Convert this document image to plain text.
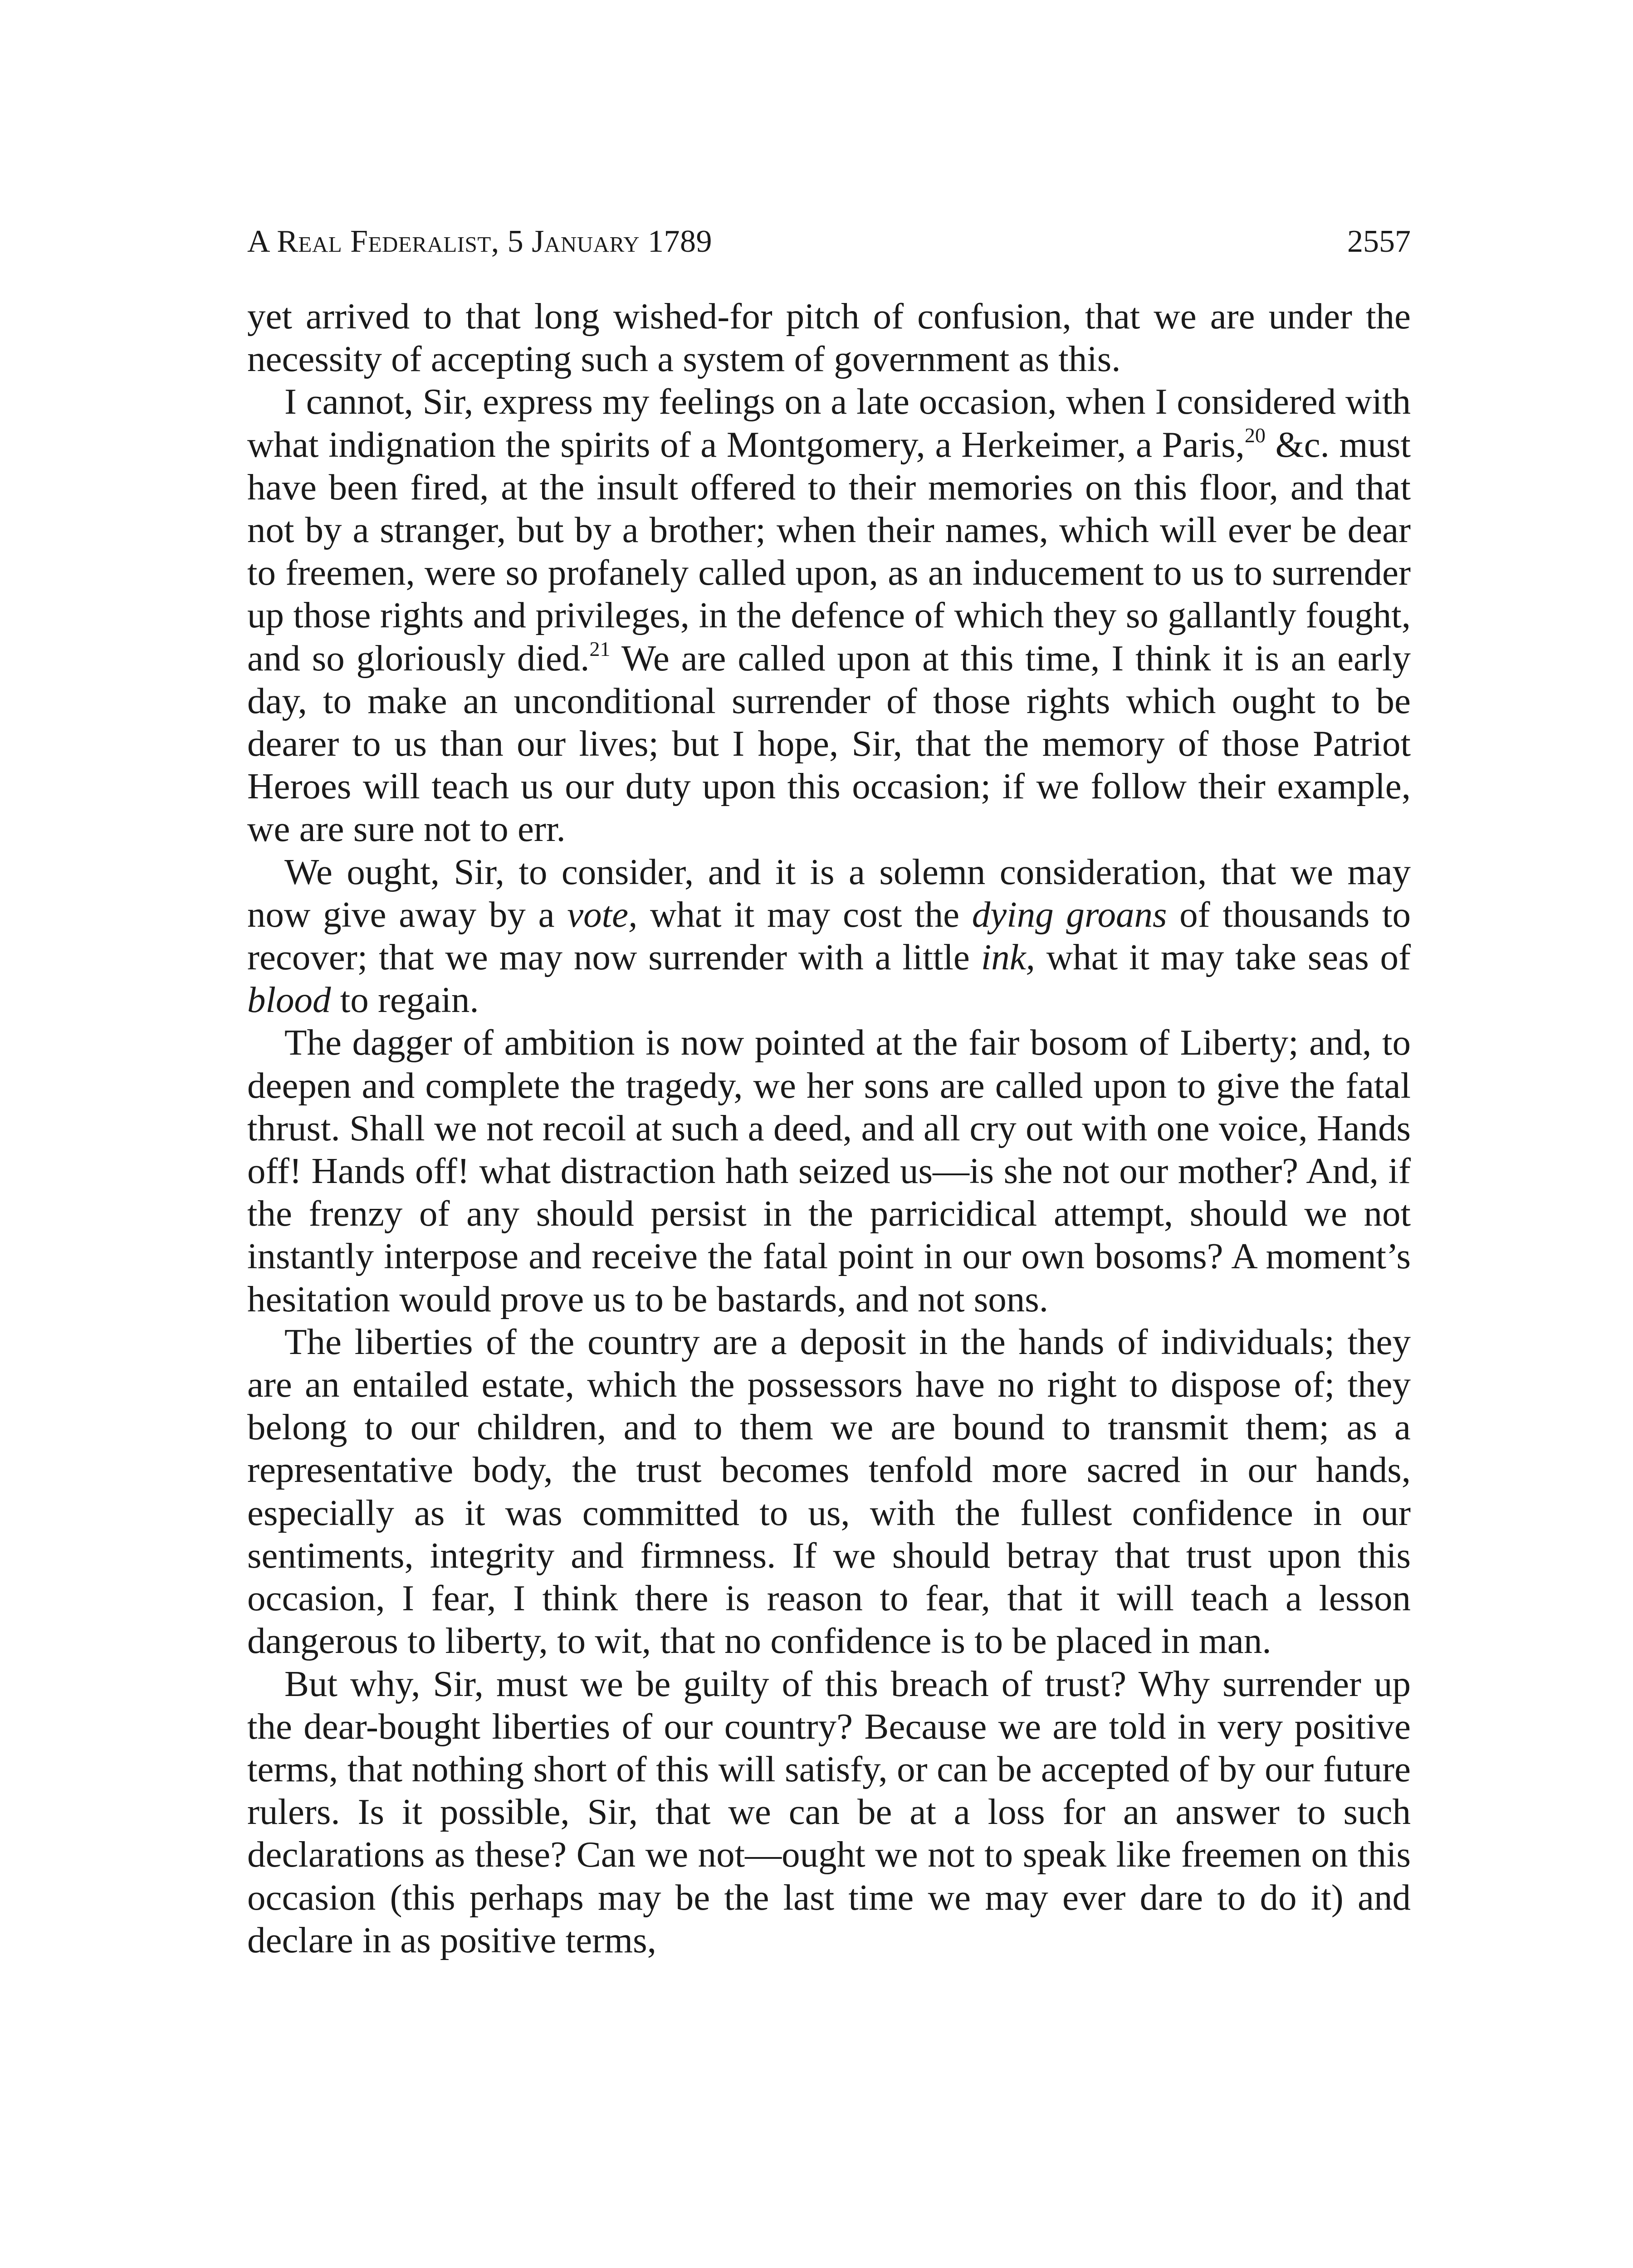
A Real Federalist, 5 January 1789	2557

yet arrived to that long wished-for pitch of confusion, that we are under the necessity of accepting such a system of government as this.

I cannot, Sir, express my feelings on a late occasion, when I considered with what indignation the spirits of a Montgomery, a Herkeimer, a Paris,$^{20}$ &c. must have been fired, at the insult offered to their memories on this floor, and that not by a stranger, but by a brother; when their names, which will ever be dear to freemen, were so profanely called upon, as an inducement to us to surrender up those rights and privileges, in the defence of which they so gallantly fought, and so gloriously died.$^{21}$ We are called upon at this time, I think it is an early day, to make an unconditional surrender of those rights which ought to be dearer to us than our lives; but I hope, Sir, that the memory of those Patriot Heroes will teach us our duty upon this occasion; if we follow their example, we are sure not to err.

We ought, Sir, to consider, and it is a solemn consideration, that we may now give away by a vote, what it may cost the dying groans of thousands to recover; that we may now surrender with a little ink, what it may take seas of blood to regain.

The dagger of ambition is now pointed at the fair bosom of Liberty; and, to deepen and complete the tragedy, we her sons are called upon to give the fatal thrust. Shall we not recoil at such a deed, and all cry out with one voice, Hands off! Hands off! what distraction hath seized us—is she not our mother? And, if the frenzy of any should persist in the parricidical attempt, should we not instantly interpose and receive the fatal point in our own bosoms? A moment’s hesitation would prove us to be bastards, and not sons.

The liberties of the country are a deposit in the hands of individuals; they are an entailed estate, which the possessors have no right to dispose of; they belong to our children, and to them we are bound to transmit them; as a representative body, the trust becomes tenfold more sacred in our hands, especially as it was committed to us, with the fullest confidence in our sentiments, integrity and firmness. If we should betray that trust upon this occasion, I fear, I think there is reason to fear, that it will teach a lesson dangerous to liberty, to wit, that no confidence is to be placed in man.

But why, Sir, must we be guilty of this breach of trust? Why surrender up the dear-bought liberties of our country? Because we are told in very positive terms, that nothing short of this will satisfy, or can be accepted of by our future rulers. Is it possible, Sir, that we can be at a loss for an answer to such declarations as these? Can we not—ought we not to speak like freemen on this occasion (this perhaps may be the last time we may ever dare to do it) and declare in as positive terms,
